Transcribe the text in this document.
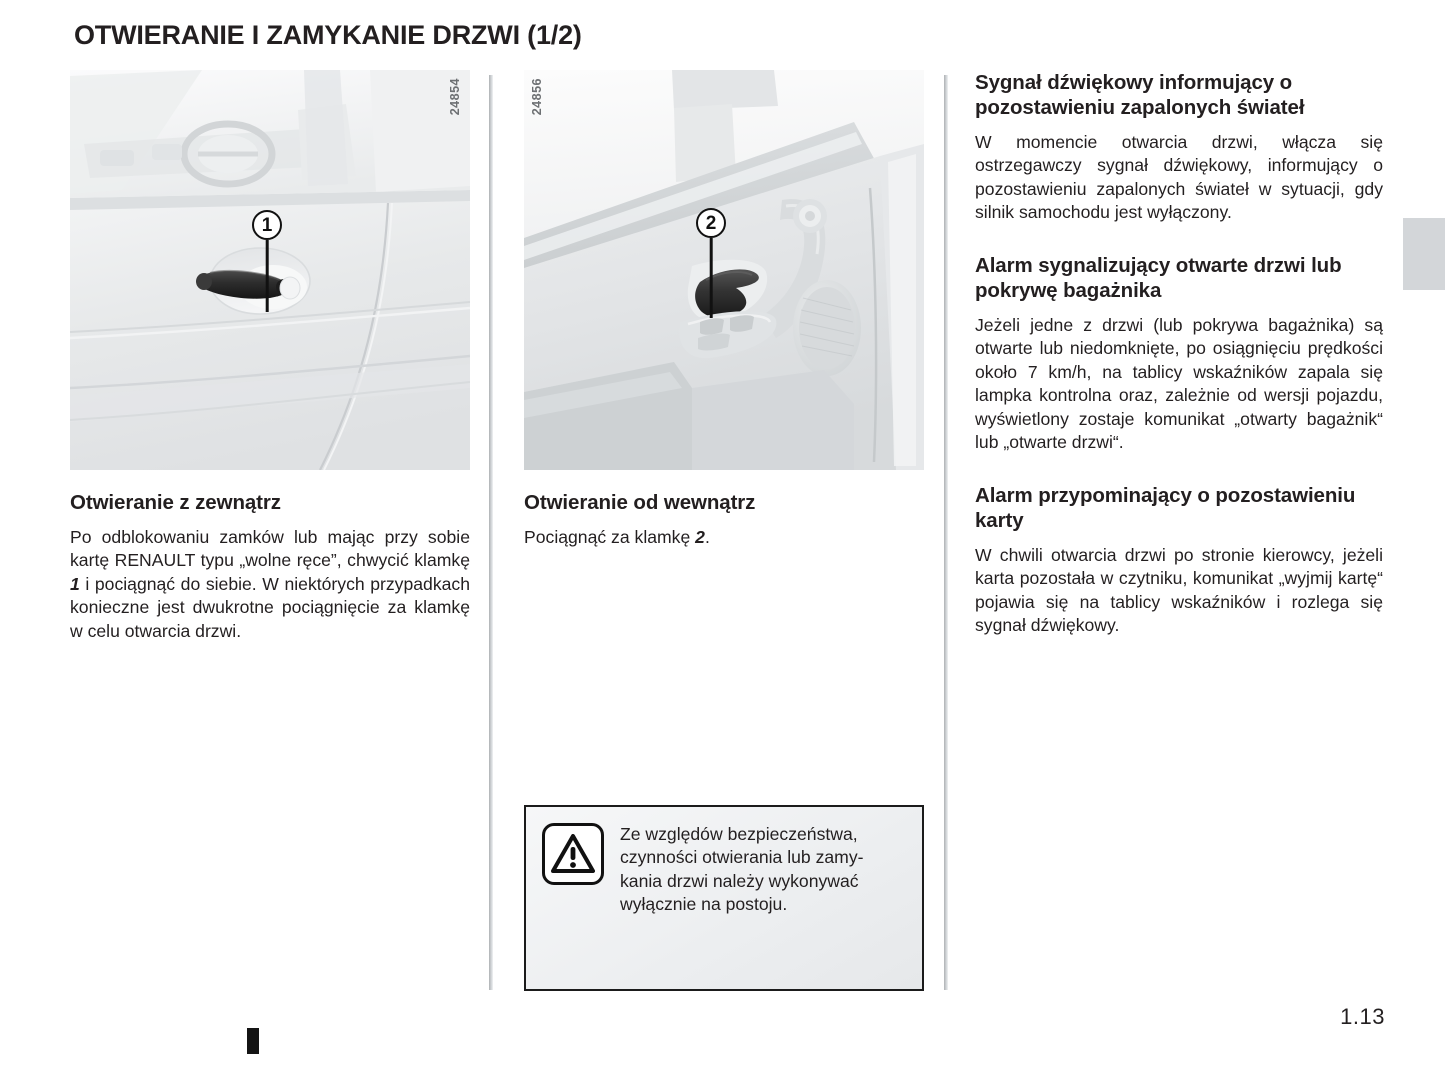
OTWIERANIE I ZAMYKANIE DRZWI (1/2)
24854
1
Otwieranie z zewnątrz

Po odblokowaniu zamków lub mając przy sobie kartę RENAULT typu „wolne ręce”, chwycić klamkę 1 i pociągnąć do siebie. W niektórych przypadkach konieczne jest dwukrotne pociągnięcie za klamkę w celu otwarcia drzwi.

24856
2
Otwieranie od wewnątrz

Pociągnąć za klamkę 2.

Ze względów bezpieczeństwa,
czynności otwierania lub zamy-
kania drzwi należy wykonywać
wyłącznie na postoju.
Sygnał dźwiękowy informujący o pozostawieniu zapalonych świateł

W momencie otwarcia drzwi, włącza się ostrzegawczy sygnał dźwiękowy, informujący o pozostawieniu zapalonych świateł w sytuacji, gdy silnik samochodu jest wyłączony.

Alarm sygnalizujący otwarte drzwi lub pokrywę bagażnika

Jeżeli jedne z drzwi (lub pokrywa bagażnika) są otwarte lub niedomknięte, po osiągnięciu prędkości około 7 km/h, na tablicy wskaźników zapala się lampka kontrolna oraz, zależnie od wersji pojazdu, wyświetlony zostaje komunikat „otwarty bagażnik“ lub „otwarte drzwi“.

Alarm przypominający o pozostawieniu karty

W chwili otwarcia drzwi po stronie kierowcy, jeżeli karta pozostała w czytniku, komunikat „wyjmij kartę“ pojawia się na tablicy wskaźników i rozlega się sygnał dźwiękowy.

1.13
